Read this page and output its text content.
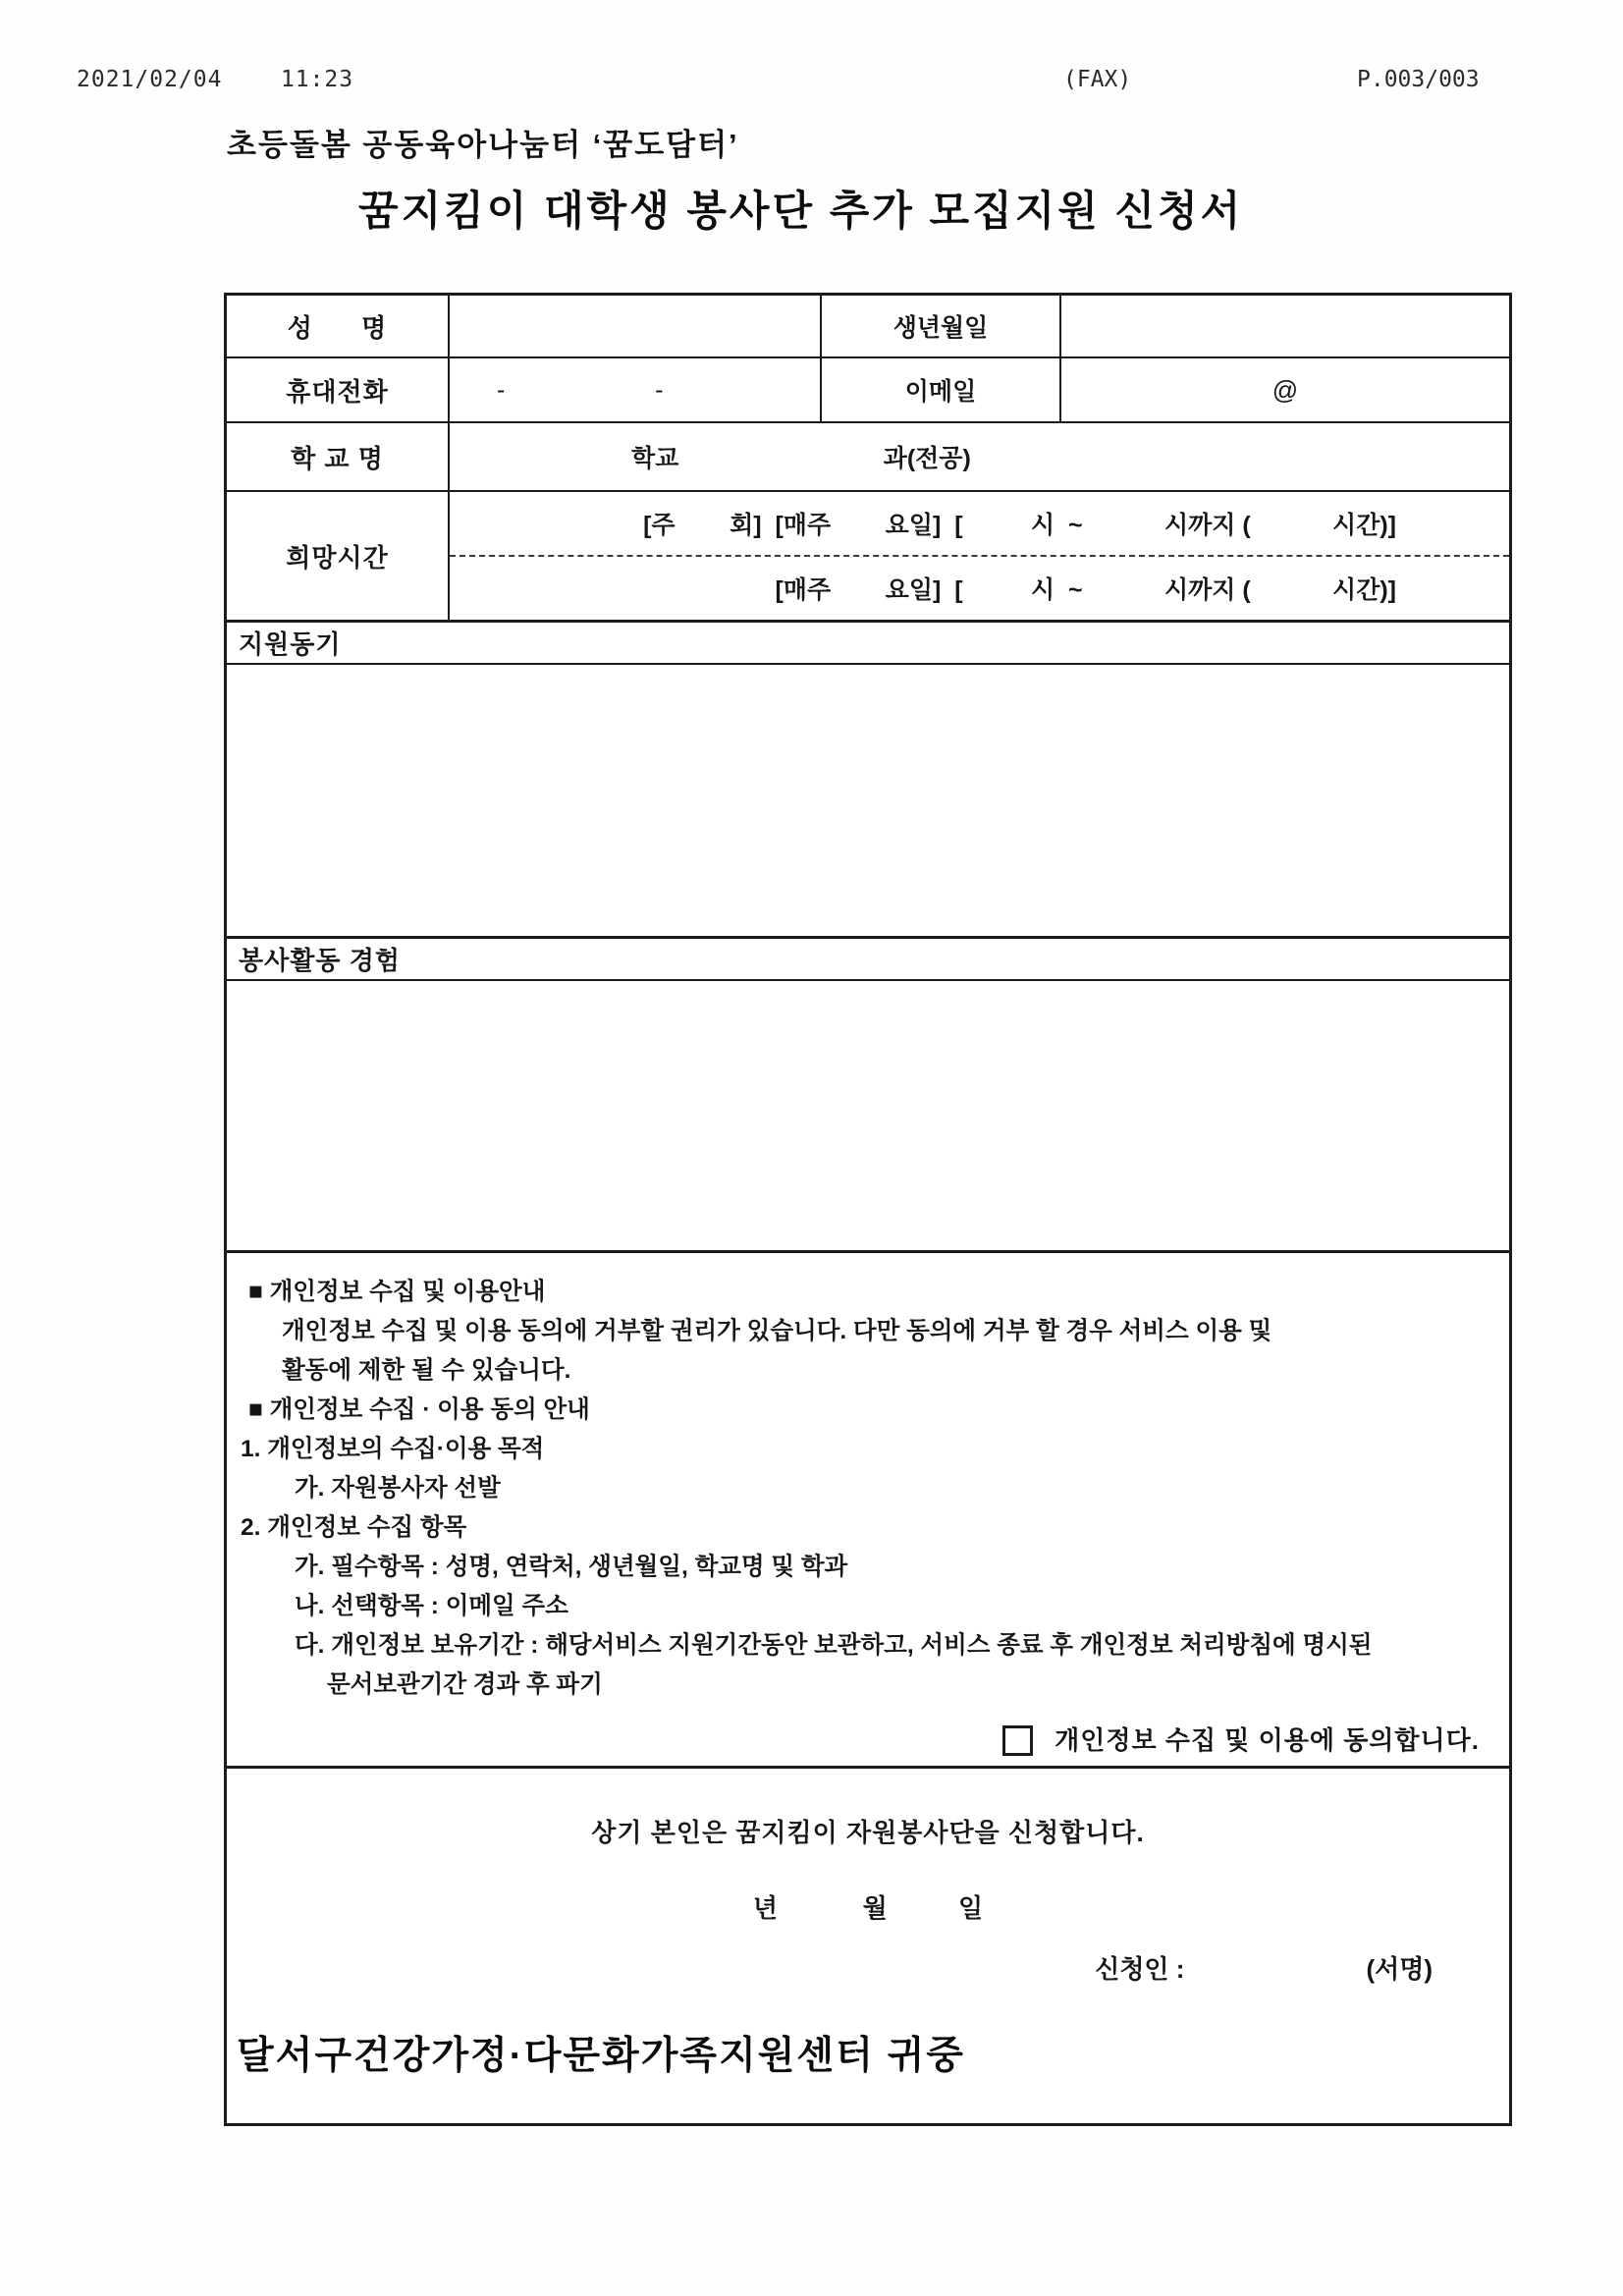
2021/02/04    11:23	(FAX)	P.003/003
초등돌봄 공동육아나눔터 ‘꿈도담터’
꿈지킴이 대학생 봉사단 추가 모집지원 신청서
성      명	생년월일
휴대전화	-                      -	이메일	@
학 교 명	학교                              과(전공)
희망시간
[주        회]  [매주        요일]  [          시  ~            시까지 (            시간)]
[매주        요일]  [          시  ~            시까지 (            시간)]
지원동기
봉사활동 경험
■ 개인정보 수집 및 이용안내
개인정보 수집 및 이용 동의에 거부할 권리가 있습니다. 다만 동의에 거부 할 경우 서비스 이용 및
활동에 제한 될 수 있습니다.
■ 개인정보 수집 · 이용 동의 안내
1. 개인정보의 수집·이용 목적
가. 자원봉사자 선발
2. 개인정보 수집 항목
가. 필수항목 : 성명, 연락처, 생년월일, 학교명 및 학과
나. 선택항목 : 이메일 주소
다. 개인정보 보유기간 : 해당서비스 지원기간동안 보관하고, 서비스 종료 후 개인정보 처리방침에 명시된
문서보관기간 경과 후 파기
개인정보 수집 및 이용에 동의합니다.
상기 본인은 꿈지킴이 자원봉사단을 신청합니다.
년            월          일
신청인 :	(서명)
달서구건강가정·다문화가족지원센터 귀중
